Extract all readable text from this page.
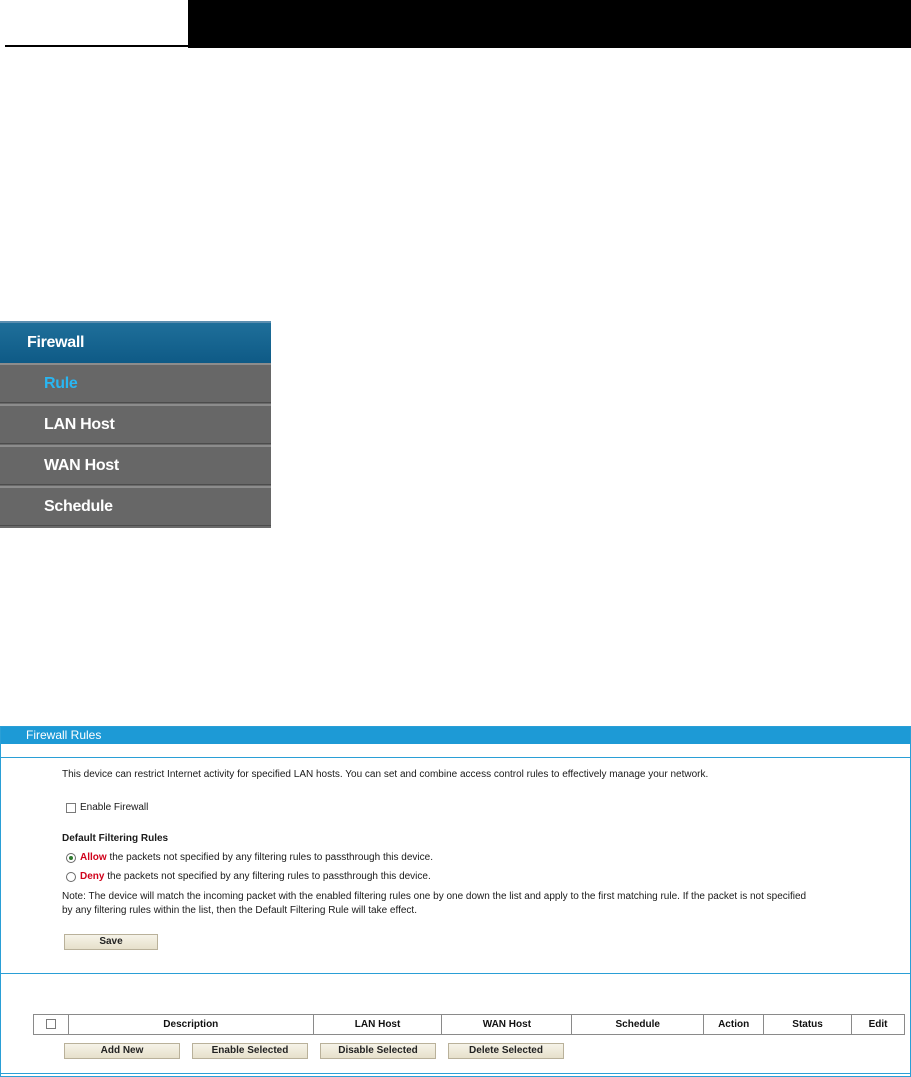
Firewall
Rule
LAN Host
WAN Host
Schedule
Firewall Rules
This device can restrict Internet activity for specified LAN hosts. You can set and combine access control rules to effectively manage your network.
Enable Firewall
Default Filtering Rules
Allow the packets not specified by any filtering rules to passthrough this device.
Deny the packets not specified by any filtering rules to passthrough this device.
Note: The device will match the incoming packet with the enabled filtering rules one by one down the list and apply to the first matching rule. If the packet is not specified
by any filtering rules within the list, then the Default Filtering Rule will take effect.
Save
	Description	LAN Host	WAN Host	Schedule	Action	Status	Edit
Add New	Enable Selected	Disable Selected	Delete Selected
